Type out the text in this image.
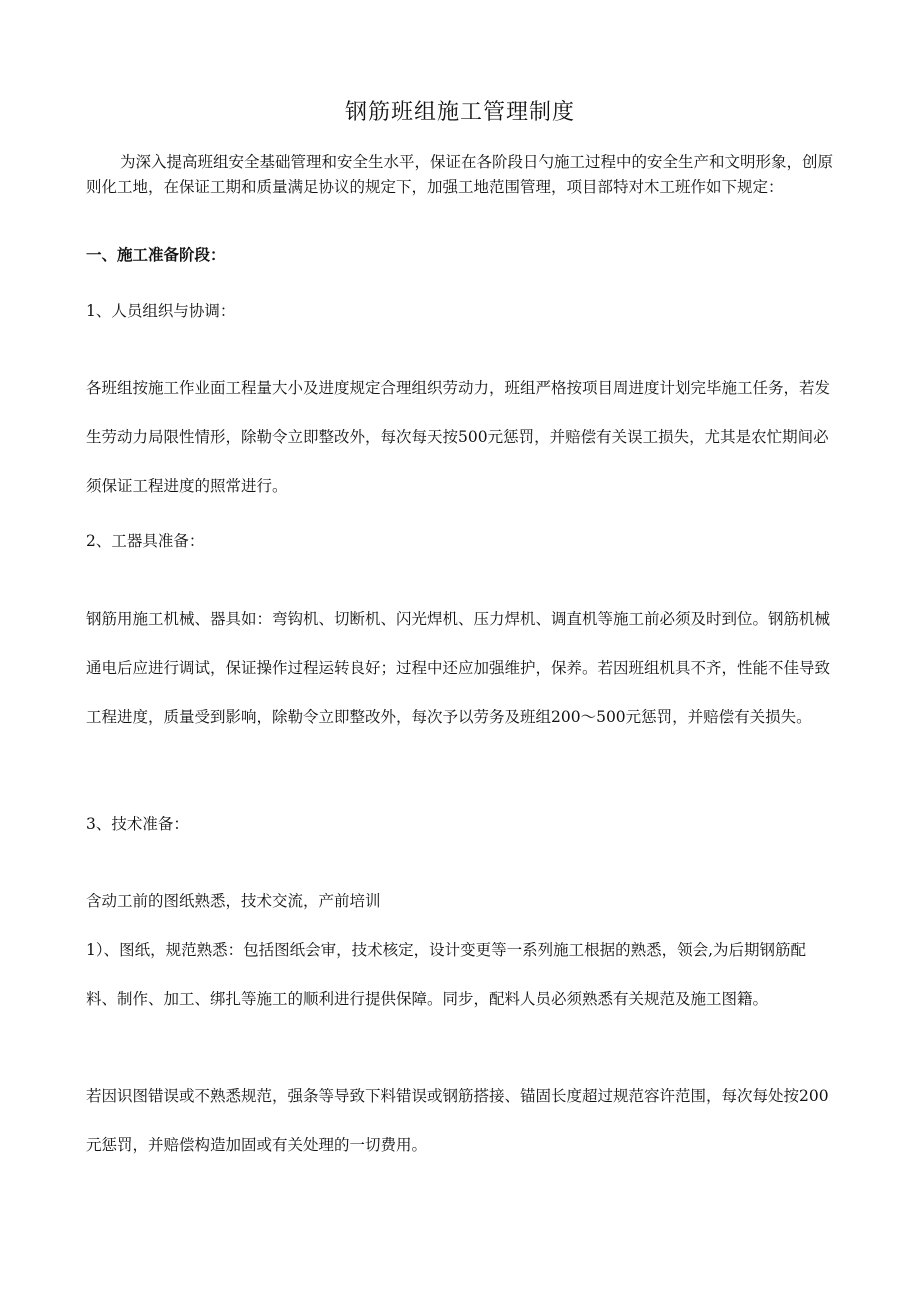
钢筋班组施工管理制度

为深入提高班组安全基础管理和安全生水平，保证在各阶段日勺施工过程中的安全生产和文明形象，创原则化工地，在保证工期和质量满足协议的规定下，加强工地范围管理，项目部特对木工班作如下规定：

一、施工准备阶段：
1、人员组织与协调：

各班组按施工作业面工程量大小及进度规定合理组织劳动力，班组严格按项目周进度计划完毕施工任务，若发生劳动力局限性情形，除勒令立即整改外，每次每天按500元惩罚，并赔偿有关误工损失，尤其是农忙期间必须保证工程进度的照常进行。

2、工器具准备：

钢筋用施工机械、器具如：弯钩机、切断机、闪光焊机、压力焊机、调直机等施工前必须及时到位。钢筋机械通电后应进行调试，保证操作过程运转良好；过程中还应加强维护，保养。若因班组机具不齐，性能不佳导致工程进度，质量受到影响，除勒令立即整改外，每次予以劳务及班组200～500元惩罚，并赔偿有关损失。

3、技术准备：

含动工前的图纸熟悉，技术交流，产前培训

1）、图纸，规范熟悉：包括图纸会审，技术核定，设计变更等一系列施工根据的熟悉，领会,为后期钢筋配料、制作、加工、绑扎等施工的顺利进行提供保障。同步，配料人员必须熟悉有关规范及施工图籍。

若因识图错误或不熟悉规范，强条等导致下料错误或钢筋搭接、锚固长度超过规范容许范围，每次每处按200元惩罚，并赔偿构造加固或有关处理的一切费用。
